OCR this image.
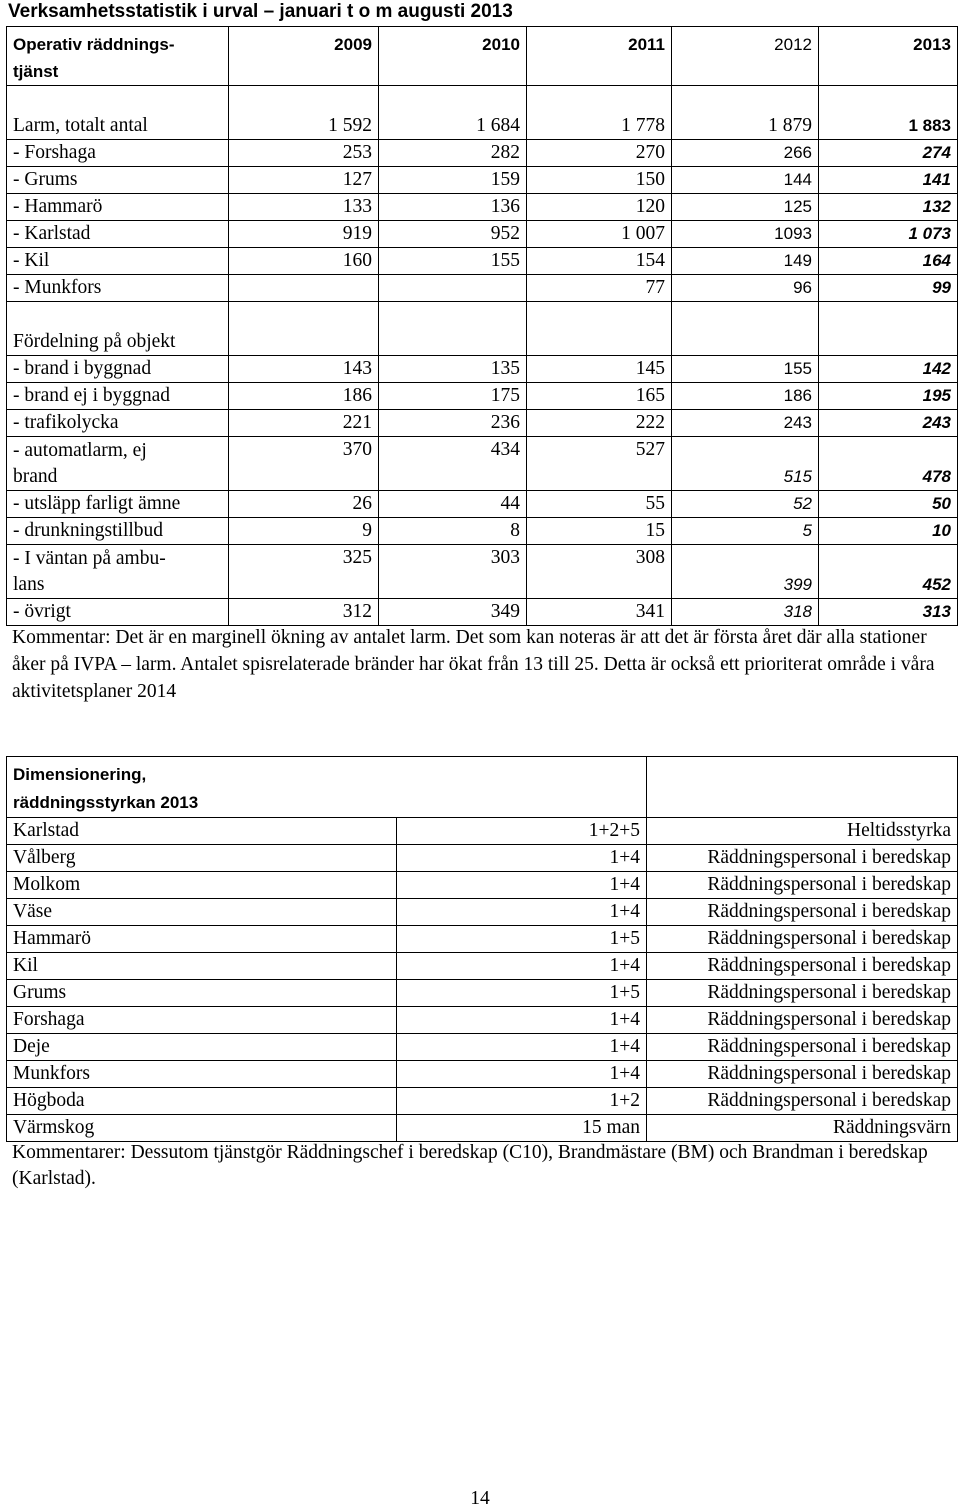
Verksamhetsstatistik i urval – januari t o m augusti 2013
Operativ räddnings-
tjänst	2009	2010	2011	2012	2013
Larm, totalt antal	1 592	1 684	1 778	1 879	1 883
- Forshaga	253	282	270	266	274
- Grums	127	159	150	144	141
- Hammarö	133	136	120	125	132
- Karlstad	919	952	1 007	1093	1 073
- Kil	160	155	154	149	164
- Munkfors			77	96	99
Fördelning på objekt					
- brand i byggnad	143	135	145	155	142
- brand ej i byggnad	186	175	165	186	195
- trafikolycka	221	236	222	243	243
- automatlarm, ej
brand	370	434	527	515	478
- utsläpp farligt ämne	26	44	55	52	50
- drunkningstillbud	9	8	15	5	10
- I väntan på ambu-
lans	325	303	308	399	452
- övrigt	312	349	341	318	313
Kommentar: Det är en marginell ökning av antalet larm. Det som kan noteras är att det är första året där alla stationer åker på IVPA – larm. Antalet spisrelaterade bränder har ökat från 13 till 25. Detta är också ett prioriterat område i våra aktivitetsplaner 2014
Dimensionering,
räddningsstyrkan 2013		
Karlstad	1+2+5	Heltidsstyrka
Vålberg	1+4	Räddningspersonal i beredskap
Molkom	1+4	Räddningspersonal i beredskap
Väse	1+4	Räddningspersonal i beredskap
Hammarö	1+5	Räddningspersonal i beredskap
Kil	1+4	Räddningspersonal i beredskap
Grums	1+5	Räddningspersonal i beredskap
Forshaga	1+4	Räddningspersonal i beredskap
Deje	1+4	Räddningspersonal i beredskap
Munkfors	1+4	Räddningspersonal i beredskap
Högboda	1+2	Räddningspersonal i beredskap
Värmskog	15 man	Räddningsvärn
Kommentarer: Dessutom tjänstgör Räddningschef i beredskap (C10), Brandmästare (BM) och Brandman i beredskap (Karlstad).
14
